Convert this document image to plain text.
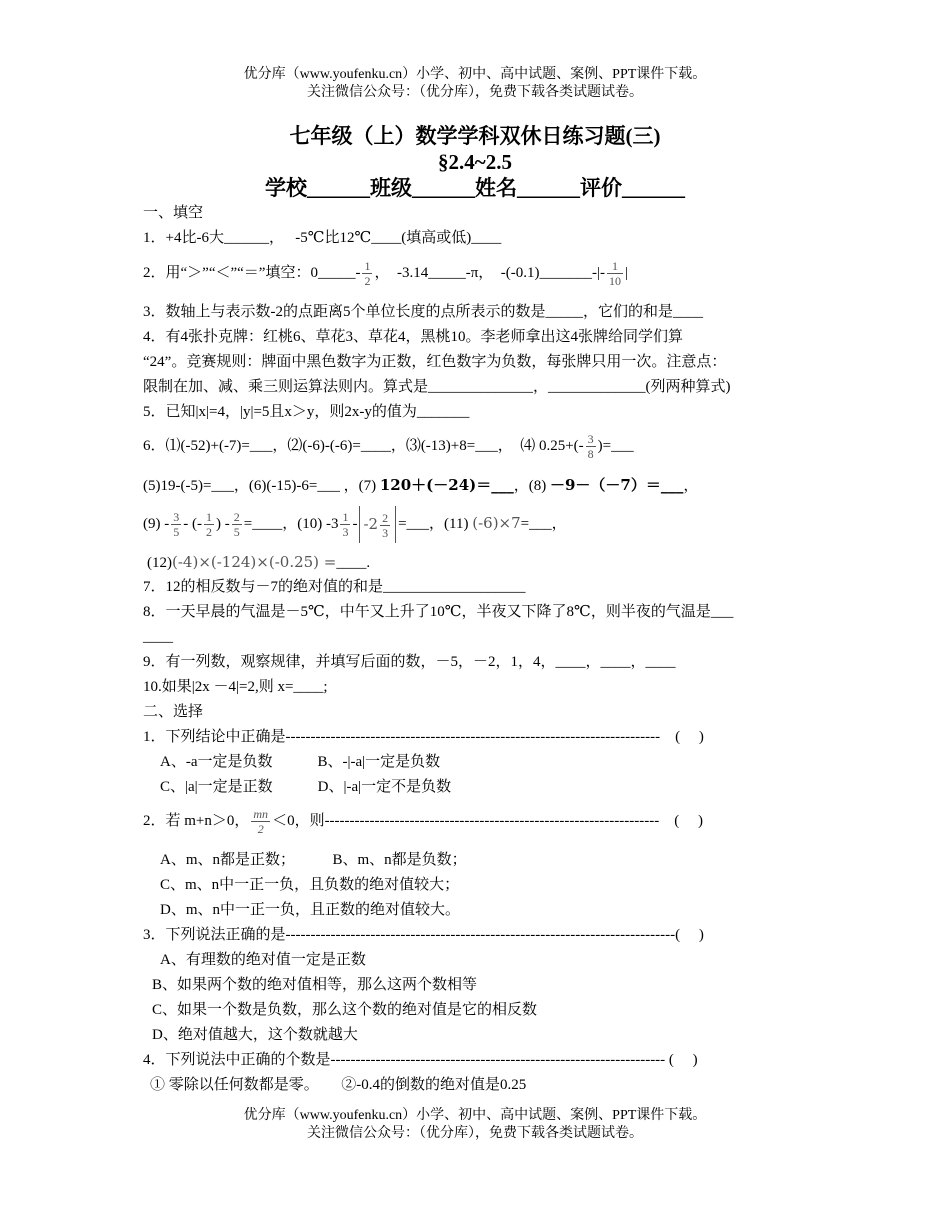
优分库（www.youfenku.cn）小学、初中、高中试题、案例、PPT课件下载。
关注微信公众号：（优分库），免费下载各类试题试卷。
七年级（上）数学学科双休日练习题(三)
§2.4~2.5
学校______班级______姓名______评价______
一、填空
1．+4比-6大______，　 -5℃比12℃____(填高或低)____
2．用“＞”“＜”“＝”填空：0_____- $\frac{1}{2}$ ，　-3.14_____-π，　-(-0.1)_______-|- $\frac{1}{10}$ |
3．数轴上与表示数-2的点距离5个单位长度的点所表示的数是_____，它们的和是____
4．有4张扑克牌：红桃6、草花3、草花4，黑桃10。李老师拿出这4张牌给同学们算
“24”。竞赛规则：牌面中黑色数字为正数，红色数字为负数，每张牌只用一次。注意点：
限制在加、减、乘三则运算法则内。算式是______________，_____________(列两种算式)
5．已知|x|=4，|y|=5且x＞y，则2x-y的值为_______
6．⑴(-52)+(-7)=___，⑵(-6)-(-6)=____，⑶(-13)+8=___，　⑷ $0.25+(- \frac{3}{8}$ )=___
(5)19-(-5)=___，(6)(-15)-6=___ ，(7) 120＋(－24)＝___，(8) －9－（－7）＝___，
$(9) - \frac{3}{5}$ - (- $\frac{1}{2}$ ) - $\frac{2}{5}$ =____，(10) $-3 \frac{1}{3} - -2 \frac{2}{3}$ =___，(11) (-6)×7=___，
(12)(-4)×(-124)×(-0.25) =____.
7．12的相反数与－7的绝对值的和是___________________
8．一天早晨的气温是－5℃，中午又上升了10℃，半夜又下降了8℃，则半夜的气温是___
____
9．有一列数，观察规律，并填写后面的数，－5，－2，1，4，____，____，____
10.如果|2x －4|=2,则 x=____;
二、选择
1．下列结论中正确是---------------------------------------------------------------------------　(　 )
A、-a一定是负数　　　B、-|-a|一定是负数
C、|a|一定是正数　　　D、|-a|一定不是负数
2．若 m+n＞0， $\frac{mn}{2} <0$，则-------------------------------------------------------------------　(　 )
A、m、n都是正数；　　　B、m、n都是负数；
C、m、n中一正一负，且负数的绝对值较大；
D、m、n中一正一负，且正数的绝对值较大。
3．下列说法正确的是------------------------------------------------------------------------------(　 )
A、有理数的绝对值一定是正数
B、如果两个数的绝对值相等，那么这两个数相等
C、如果一个数是负数，那么这个数的绝对值是它的相反数
D、绝对值越大，这个数就越大
4．下列说法中正确的个数是------------------------------------------------------------------- (　 )
① 零除以任何数都是零。　　②-0.4的倒数的绝对值是0.25
优分库（www.youfenku.cn）小学、初中、高中试题、案例、PPT课件下载。
关注微信公众号：（优分库），免费下载各类试题试卷。
